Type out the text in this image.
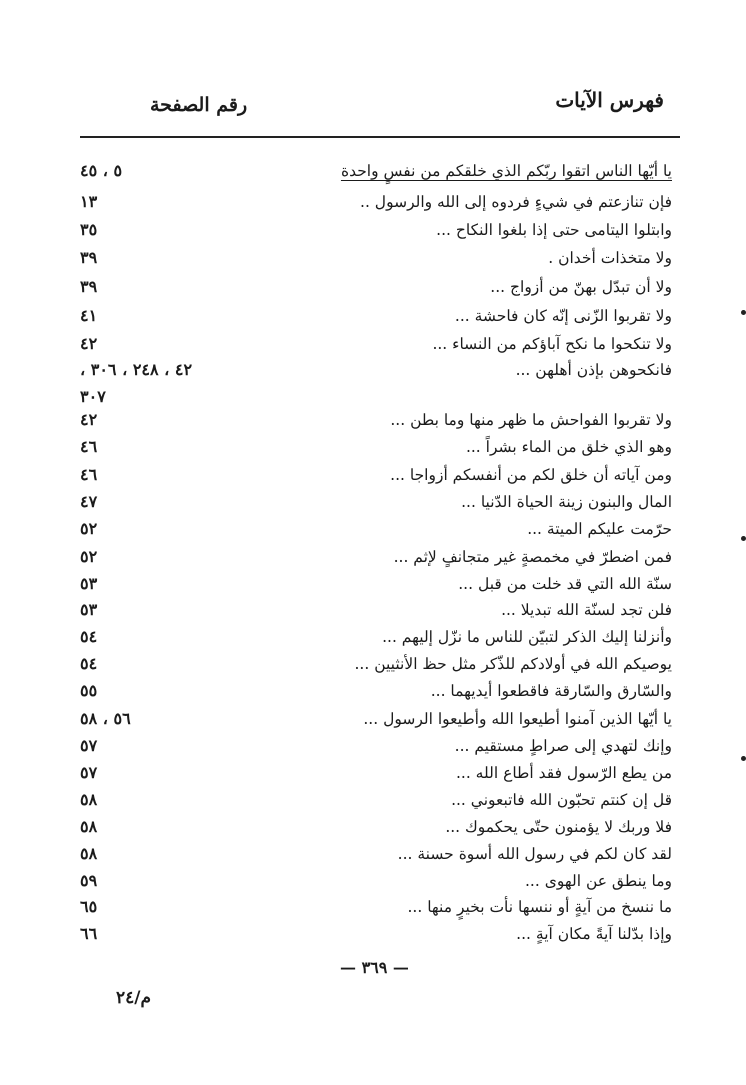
فهرس الآيات
رقم الصفحة
يا أيّها الناس اتقوا ربّكم الذي خلقكم من نفسٍ واحدة
٥ ، ٤٥
فإن تنازعتم في شيءٍ فردوه إلى الله والرسول ..
١٣
وابتلوا اليتامى حتى إذا بلغوا النكاح ...
٣٥
ولا متخذات أخدان .
٣٩
ولا أن تبدّل بهنّ من أزواج ...
٣٩
ولا تقربوا الزّنى إنّه كان فاحشة ...
٤١
ولا تنكحوا ما نكح آباؤكم من النساء ...
٤٢
فانكحوهن بإذن أهلهن ...
٤٢ ، ٢٤٨ ، ٣٠٦ ،
٣٠٧
ولا تقربوا الفواحش ما ظهر منها وما بطن ...
٤٢
وهو الذي خلق من الماء بشراً ...
٤٦
ومن آياته أن خلق لكم من أنفسكم أزواجا ...
٤٦
المال والبنون زينة الحياة الدّنيا ...
٤٧
حرّمت عليكم الميتة ...
٥٢
فمن اضطرّ في مخمصةٍ غير متجانفٍ لإثم ...
٥٢
سنّة الله التي قد خلت من قبل ...
٥٣
فلن تجد لسنّة الله تبديلا ...
٥٣
وأنزلنا إليك الذكر لتبيّن للناس ما نزّل إليهم ...
٥٤
يوصيكم الله في أولادكم للذّكر مثل حظ الأنثيين ...
٥٤
والسّارق والسّارقة فاقطعوا أيديهما ...
٥٥
يا أيّها الذين آمنوا أطيعوا الله وأطيعوا الرسول ...
٥٦ ، ٥٨
وإنك لتهدي إلى صراطٍ مستقيم ...
٥٧
من يطع الرّسول فقد أطاع الله ...
٥٧
قل إن كنتم تحبّون الله فاتبعوني ...
٥٨
فلا وربك لا يؤمنون حتّى يحكموك ...
٥٨
لقد كان لكم في رسول الله أسوة حسنة ...
٥٨
وما ينطق عن الهوى ...
٥٩
ما ننسخ من آيةٍ أو ننسها نأت بخيرٍ منها ...
٦٥
وإذا بدّلنا آيةً مكان آيةٍ ...
٦٦
— ٣٦٩ —
م/٢٤
